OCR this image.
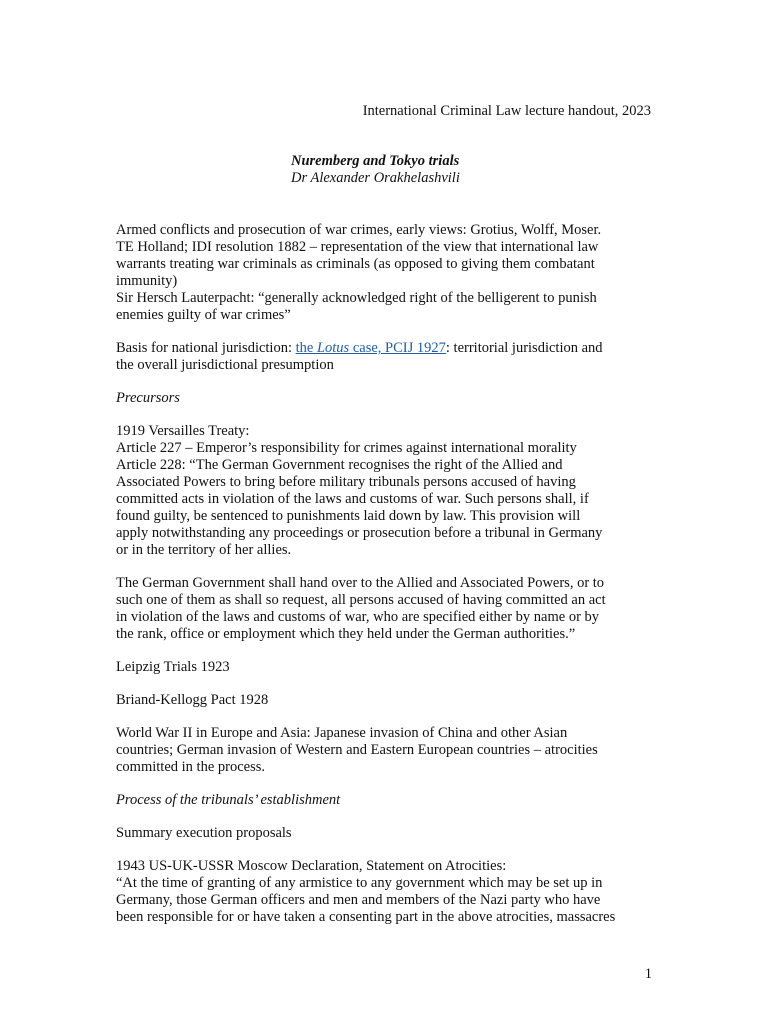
International Criminal Law lecture handout, 2023
Nuremberg and Tokyo trials
Dr Alexander Orakhelashvili

Armed conflicts and prosecution of war crimes, early views: Grotius, Wolff, Moser.
TE Holland; IDI resolution 1882 – representation of the view that international law
warrants treating war criminals as criminals (as opposed to giving them combatant
immunity)
Sir Hersch Lauterpacht: “generally acknowledged right of the belligerent to punish
enemies guilty of war crimes”

Basis for national jurisdiction: the Lotus case, PCIJ 1927: territorial jurisdiction and
the overall jurisdictional presumption

Precursors

1919 Versailles Treaty:
Article 227 – Emperor’s responsibility for crimes against international morality
Article 228: “The German Government recognises the right of the Allied and
Associated Powers to bring before military tribunals persons accused of having
committed acts in violation of the laws and customs of war. Such persons shall, if
found guilty, be sentenced to punishments laid down by law. This provision will
apply notwithstanding any proceedings or prosecution before a tribunal in Germany
or in the territory of her allies.

The German Government shall hand over to the Allied and Associated Powers, or to
such one of them as shall so request, all persons accused of having committed an act
in violation of the laws and customs of war, who are specified either by name or by
the rank, office or employment which they held under the German authorities.”

Leipzig Trials 1923

Briand-Kellogg Pact 1928

World War II in Europe and Asia: Japanese invasion of China and other Asian
countries; German invasion of Western and Eastern European countries – atrocities
committed in the process.

Process of the tribunals’ establishment

Summary execution proposals

1943 US-UK-USSR Moscow Declaration, Statement on Atrocities:
“At the time of granting of any armistice to any government which may be set up in
Germany, those German officers and men and members of the Nazi party who have
been responsible for or have taken a consenting part in the above atrocities, massacres

1
